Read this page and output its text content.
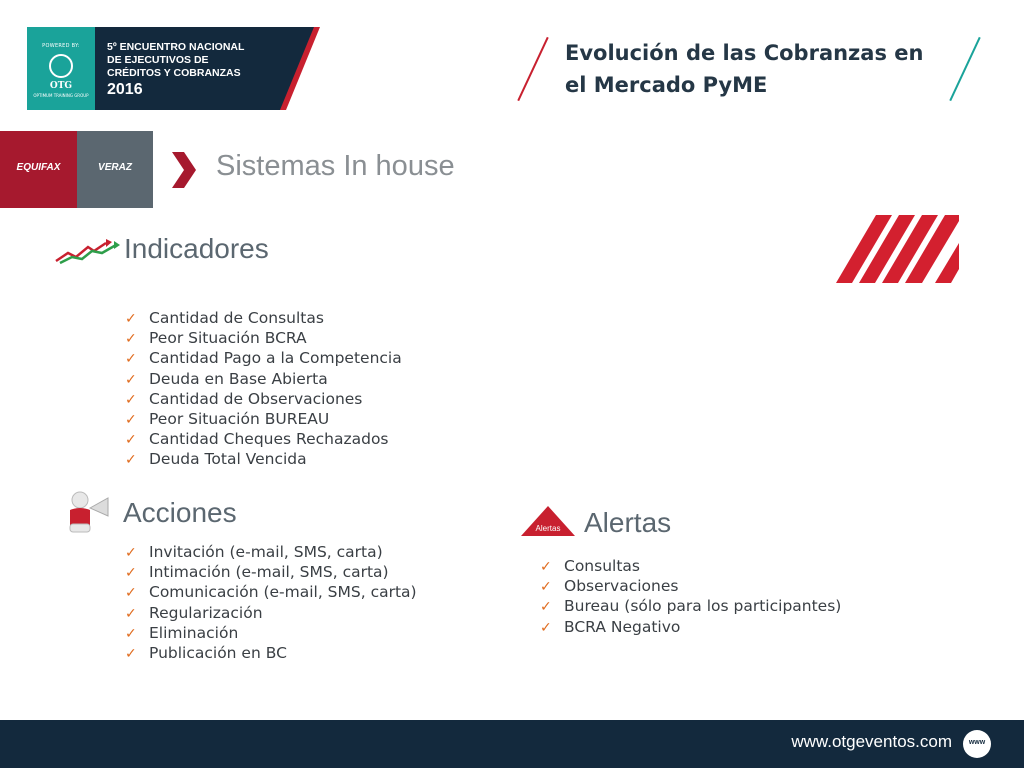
POWERED BY:
OTG
OPTIMUM TRAINING GROUP
5º ENCUENTRO NACIONAL
DE EJECUTIVOS DE
CRÉDITOS Y COBRANZAS
2016
Evolución de las Cobranzas en
el Mercado PyME
EQUIFAX	VERAZ	Sistemas In house
Indicadores
✓ Cantidad de Consultas
✓ Peor Situación BCRA
✓ Cantidad Pago a la Competencia
✓ Deuda en Base Abierta
✓ Cantidad de Observaciones
✓ Peor Situación BUREAU
✓ Cantidad Cheques Rechazados
✓ Deuda Total Vencida
Acciones
✓ Invitación (e-mail, SMS, carta)
✓ Intimación (e-mail, SMS, carta)
✓ Comunicación (e-mail, SMS, carta)
✓ Regularización
✓ Eliminación
✓ Publicación en BC
Alertas Alertas
✓ Consultas
✓ Observaciones
✓ Bureau (sólo para los participantes)
✓ BCRA Negativo
www.otgeventos.com	www
